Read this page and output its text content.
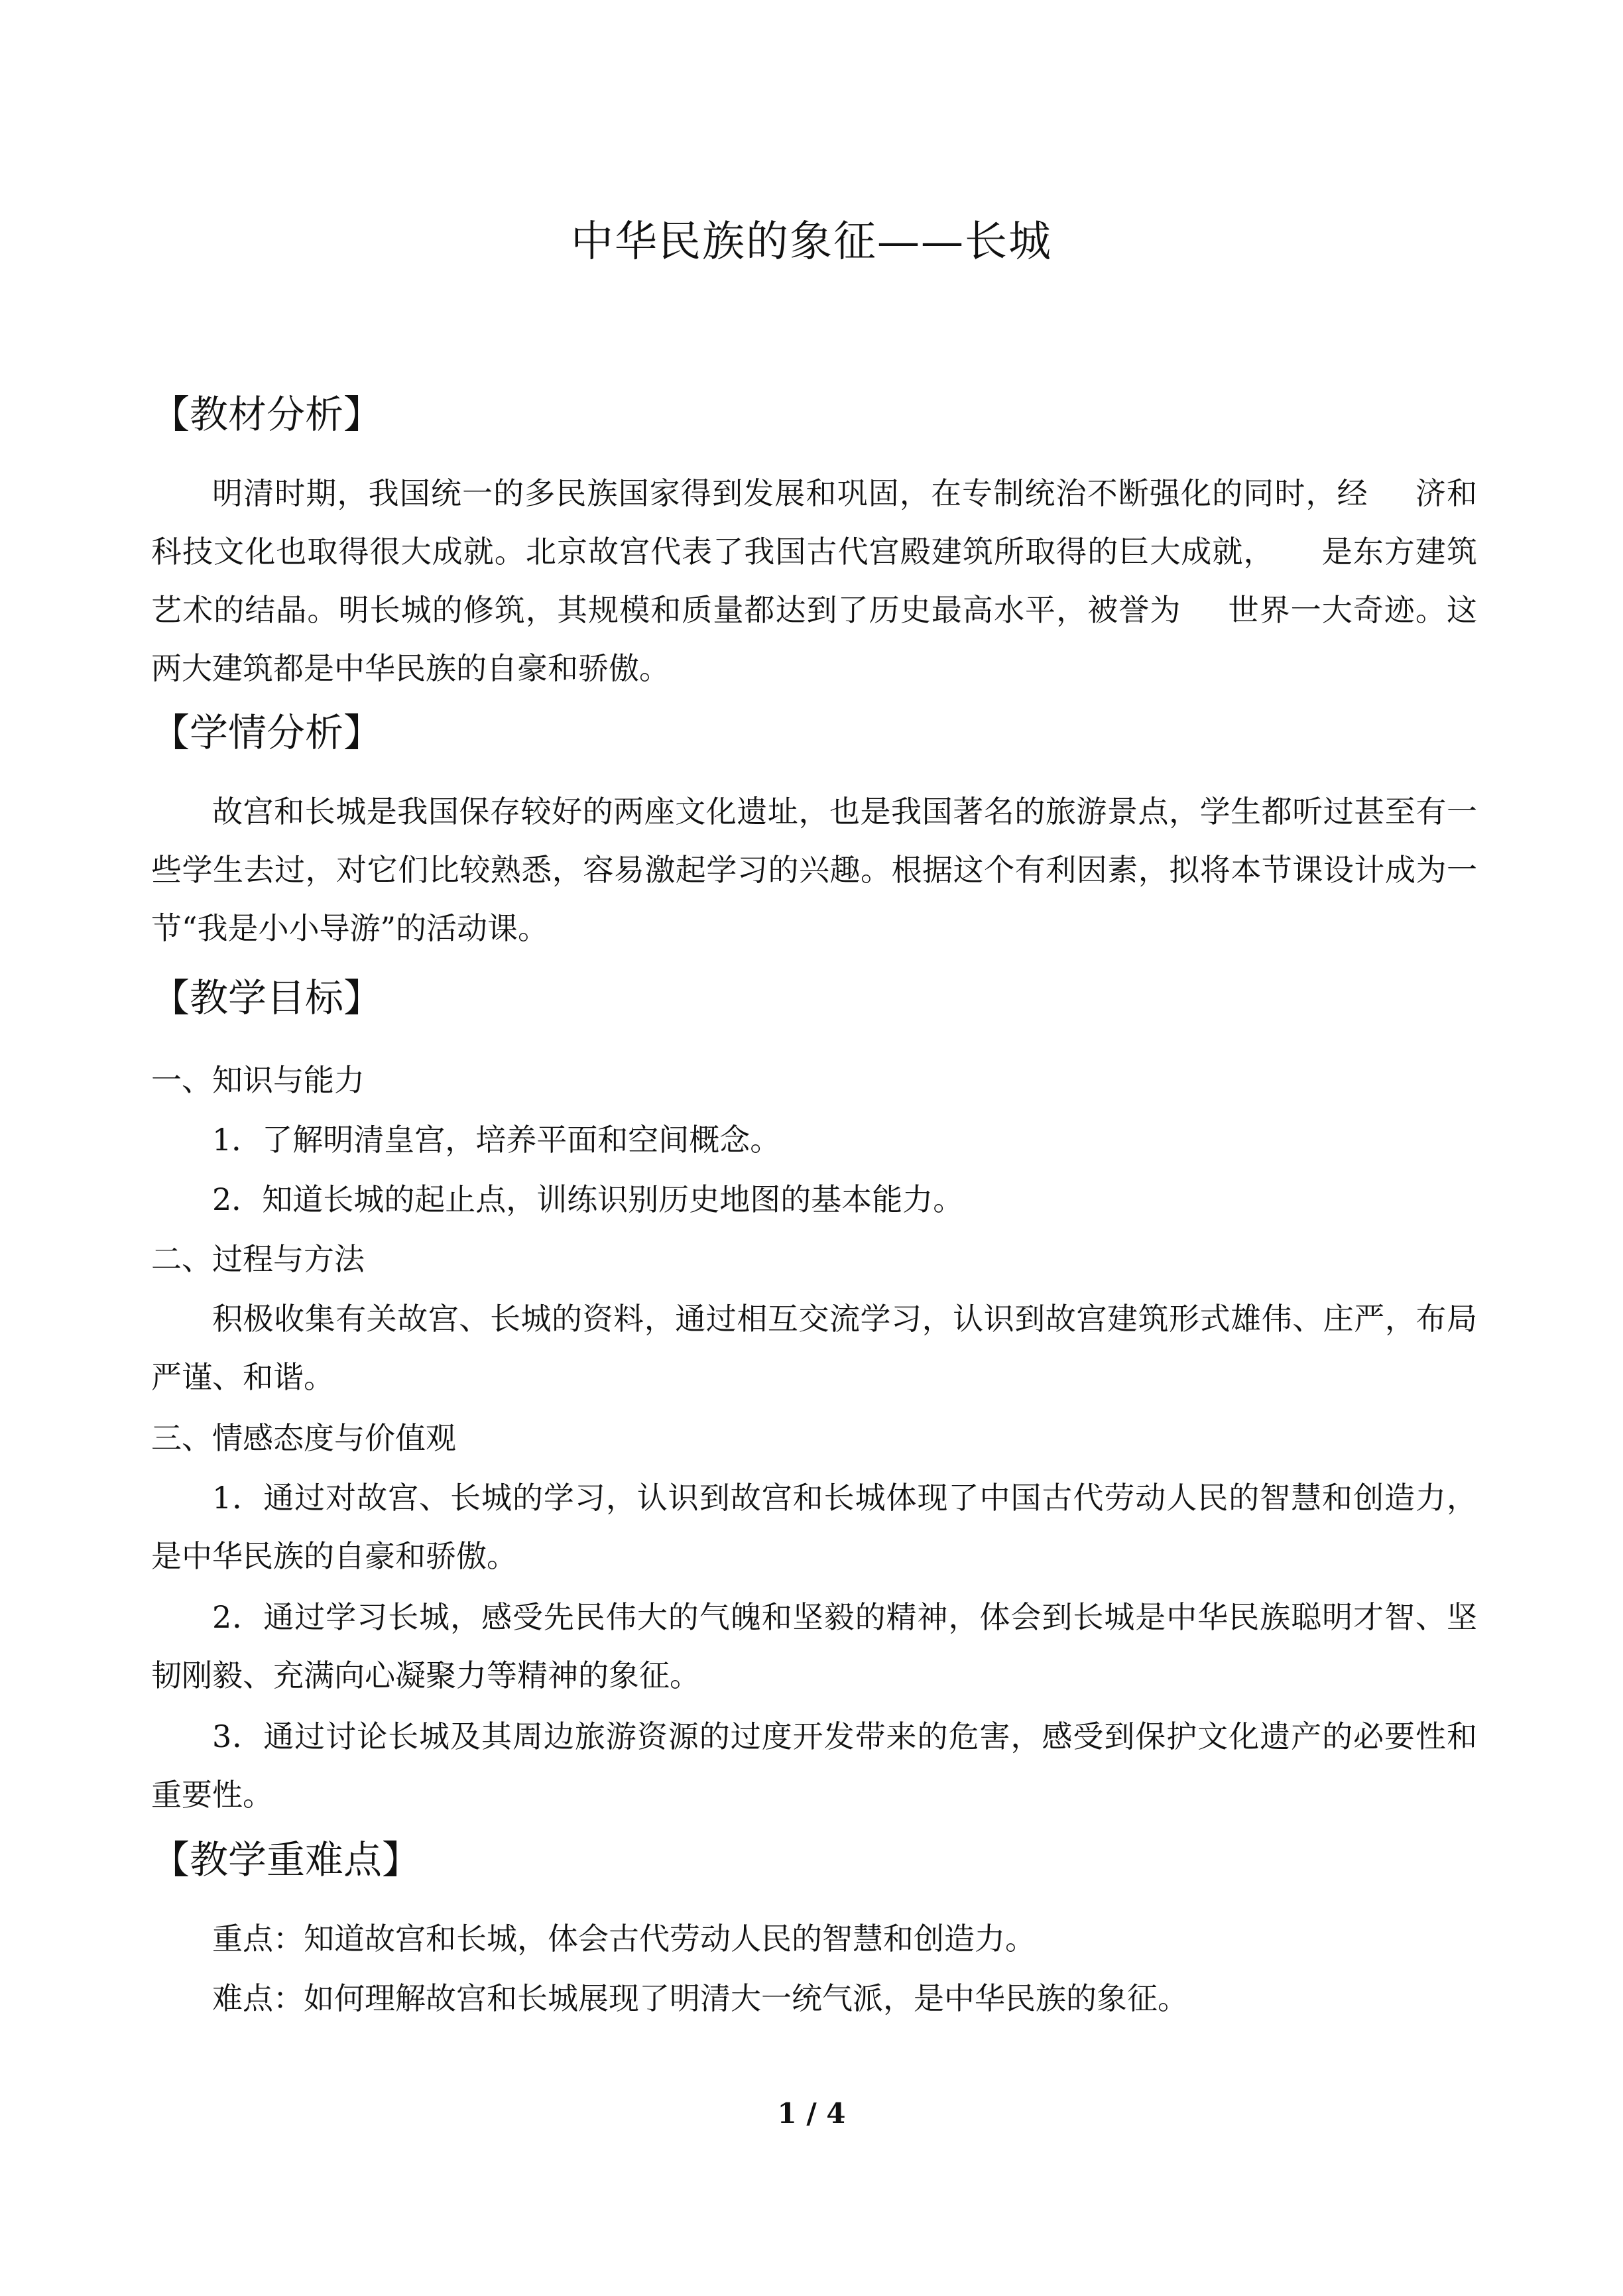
中华民族的象征——长城
【教材分析】
明清时期，我国统一的多民族国家得到发展和巩固，在专制统治不断强化的同时，经 济和科技文化也取得很大成就。北京故宫代表了我国古代宫殿建筑所取得的巨大成就， 是东方建筑艺术的结晶。明长城的修筑，其规模和质量都达到了历史最高水平，被誉为 世界一大奇迹。这两大建筑都是中华民族的自豪和骄傲。
【学情分析】
故宫和长城是我国保存较好的两座文化遗址，也是我国著名的旅游景点，学生都听过甚至有一些学生去过，对它们比较熟悉，容易激起学习的兴趣。根据这个有利因素，拟将本节课设计成为一节“我是小小导游”的活动课。
【教学目标】
一、知识与能力
1．了解明清皇宫，培养平面和空间概念。
2．知道长城的起止点，训练识别历史地图的基本能力。
二、过程与方法
积极收集有关故宫、长城的资料，通过相互交流学习，认识到故宫建筑形式雄伟、庄严，布局严谨、和谐。
三、情感态度与价值观
1．通过对故宫、长城的学习，认识到故宫和长城体现了中国古代劳动人民的智慧和创造力，是中华民族的自豪和骄傲。
2．通过学习长城，感受先民伟大的气魄和坚毅的精神，体会到长城是中华民族聪明才智、坚韧刚毅、充满向心凝聚力等精神的象征。
3．通过讨论长城及其周边旅游资源的过度开发带来的危害，感受到保护文化遗产的必要性和重要性。
【教学重难点】
重点：知道故宫和长城，体会古代劳动人民的智慧和创造力。
难点：如何理解故宫和长城展现了明清大一统气派，是中华民族的象征。
1 / 4
